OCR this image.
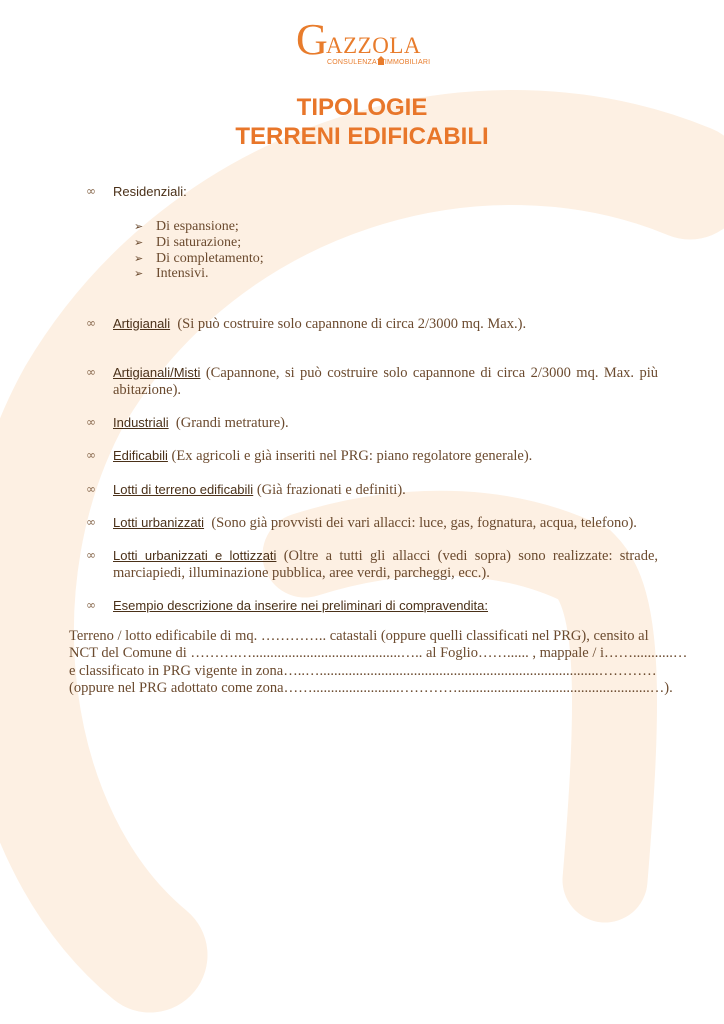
G
AZZOLA
CONSULENZA IMMOBILIARI
TIPOLOGIE
TERRENI EDIFICABILI
∞ Residenziali:
➢ Di espansione;
➢ Di saturazione;
➢ Di completamento;
➢ Intensivi.
∞ Artigianali (Si può costruire solo capannone di circa 2/3000 mq. Max.).
∞ Artigianali/Misti (Capannone, si può costruire solo capannone di circa 2/3000 mq. Max. più abitazione).
∞ Industriali (Grandi metrature).
∞ Edificabili (Ex agricoli e già inseriti nel PRG: piano regolatore generale).
∞ Lotti di terreno edificabili (Già frazionati e definiti).
∞ Lotti urbanizzati (Sono già provvisti dei vari allacci: luce, gas, fognatura, acqua, telefono).
∞ Lotti urbanizzati e lottizzati (Oltre a tutti gli allacci (vedi sopra) sono realizzate: strade, marciapiedi, illuminazione pubblica, aree verdi, parcheggi, ecc.).
∞ Esempio descrizione da inserire nei preliminari di compravendita:
Terreno / lotto edificabile di mq. ………….. catastali (oppure quelli classificati nel PRG), censito al
NCT del Comune di ……….….........................................….. al Foglio……...... , mappale / i……...........…
e classificato in PRG vigente in zona…..….............................................................................…………
(oppure nel PRG adottato come zona……........................………….....................................................…).
